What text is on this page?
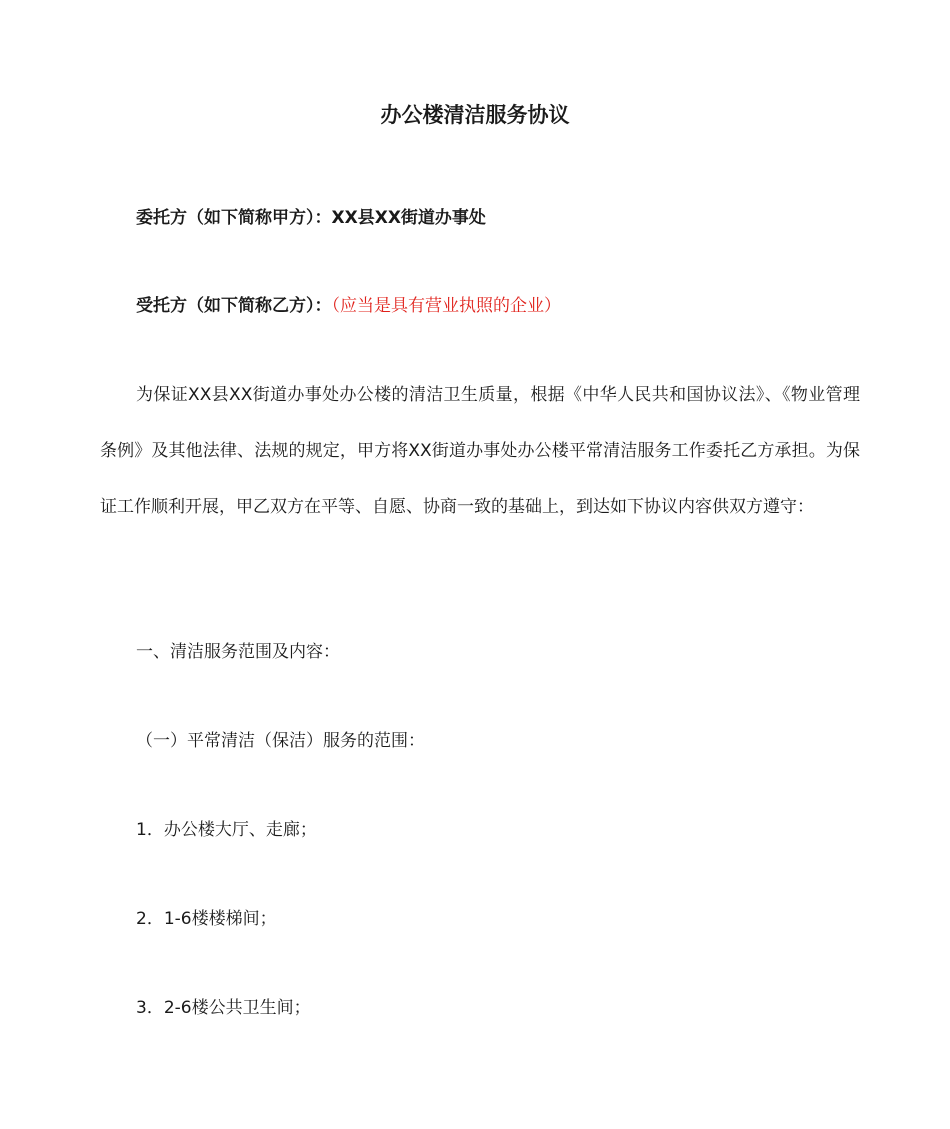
办公楼清洁服务协议
委托方（如下简称甲方）：XX县XX街道办事处
受托方（如下简称乙方）：（应当是具有营业执照的企业）
为保证XX县XX街道办事处办公楼的清洁卫生质量，根据《中华人民共和国协议法》、《物业管理条例》及其他法律、法规的规定，甲方将XX街道办事处办公楼平常清洁服务工作委托乙方承担。为保证工作顺利开展，甲乙双方在平等、自愿、协商一致的基础上，到达如下协议内容供双方遵守：
一、清洁服务范围及内容：
（一）平常清洁（保洁）服务的范围：
1．办公楼大厅、走廊；
2．1-6楼楼梯间；
3．2-6楼公共卫生间；
